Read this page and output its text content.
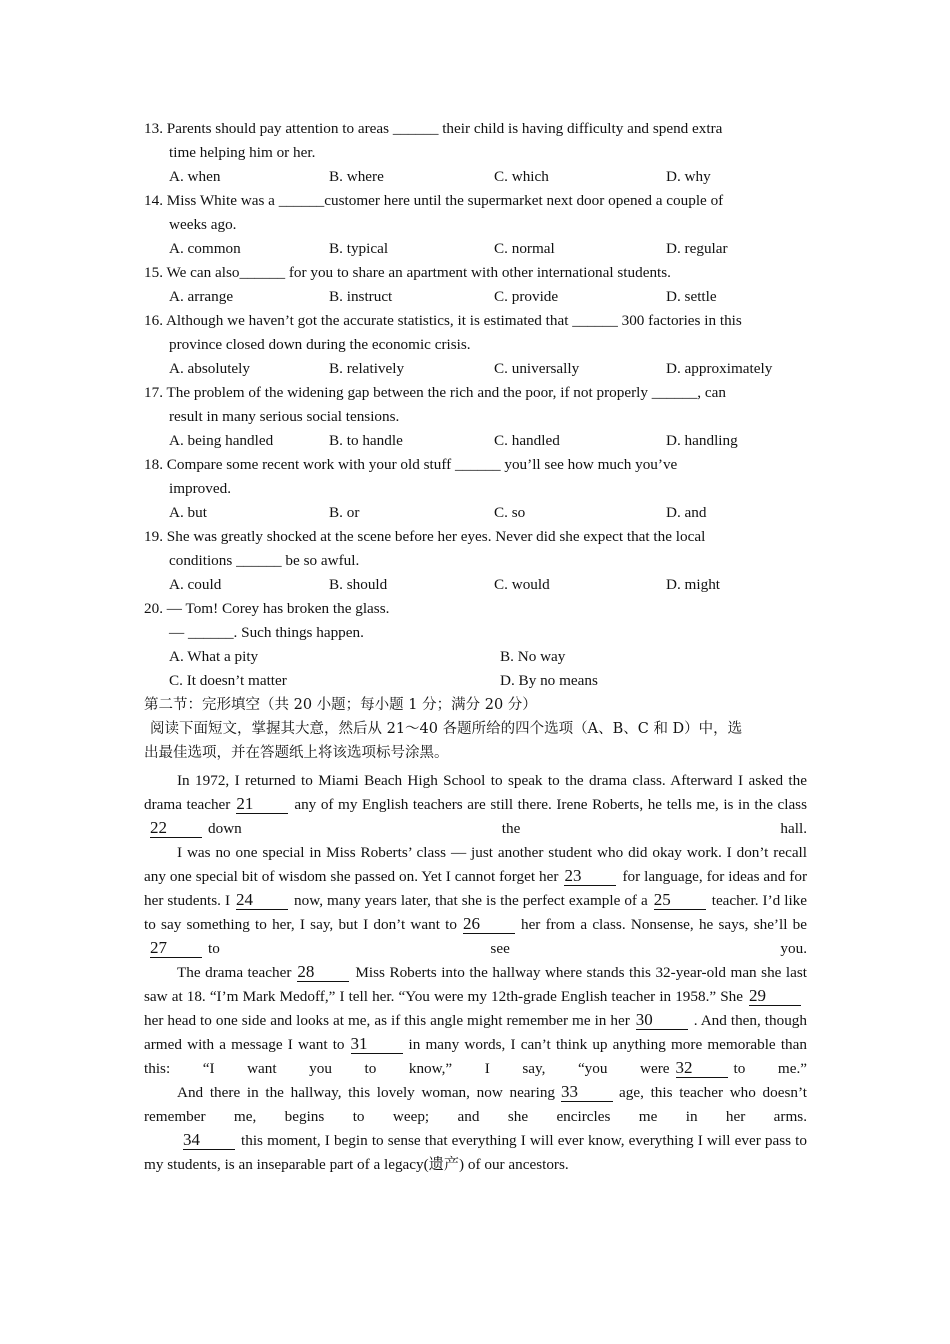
13. Parents should pay attention to areas ______ their child is having difficulty and spend extra
time helping him or her.
A. when	B. where	C. which	D. why
14. Miss White was a ______customer here until the supermarket next door opened a couple of
weeks ago.
A. common	B. typical	C. normal	D. regular
15. We can also______ for you to share an apartment with other international students.
A. arrange	B. instruct	C. provide	D. settle
16. Although we haven’t got the accurate statistics, it is estimated that ______ 300 factories in this
province closed down during the economic crisis.
A. absolutely	B. relatively	C. universally	D. approximately
17. The problem of the widening gap between the rich and the poor, if not properly ______, can
result in many serious social tensions.
A. being handled	B. to handle	C. handled	D. handling
18. Compare some recent work with your old stuff ______ you’ll see how much you’ve
improved.
A. but	B. or	C. so	D. and
19. She was greatly shocked at the scene before her eyes. Never did she expect that the local
conditions ______ be so awful.
A. could	B. should	C. would	D. might
20. — Tom! Corey has broken the glass.
— ______. Such things happen.
A. What a pity	B. No way
C. It doesn’t matter	D. By no means
第二节：完形填空（共 20 小题；每小题 1 分；满分 20 分）
阅读下面短文，掌握其大意，然后从 21～40 各题所给的四个选项（A、B、C 和 D）中，选
出最佳选项，并在答题纸上将该选项标号涂黑。

In 1972, I returned to Miami Beach High School to speak to the drama class. Afterward I asked the drama teacher 21	any of my English teachers are still there. Irene Roberts, he tells me, is in the class22	down the hall.

I was no one special in Miss Roberts’ class — just another student who did okay work. I don’t recall any one special bit of wisdom she passed on. Yet I cannot forget her 23	for language, for ideas and for her students. I 24	now, many years later, that she is the perfect example of a 25	teacher. I’d like to say something to her, I say, but I don’t want to 26	her from a class. Nonsense, he says, she’ll be27	to see you.

The drama teacher 28	Miss Roberts into the hallway where stands this 32-year-old man she last saw at 18. “I’m Mark Medoff,” I tell her. “You were my 12th-grade English teacher in 1958.” She 29her head to one side and looks at me, as if this angle might remember me in her 30	. And then, though armed with a message I want to 31	in many words, I can’t think up anything more memorable than this: “I want you to know,” I say, “you were 32	to me.”

And there in the hallway, this lovely woman, now nearing 33	age, this teacher who doesn’t remember me, begins to weep; and she encircles me in her arms.

34	this moment, I begin to sense that everything I will ever know, everything I will ever pass to my students, is an inseparable part of a legacy(遗产) of our ancestors.
